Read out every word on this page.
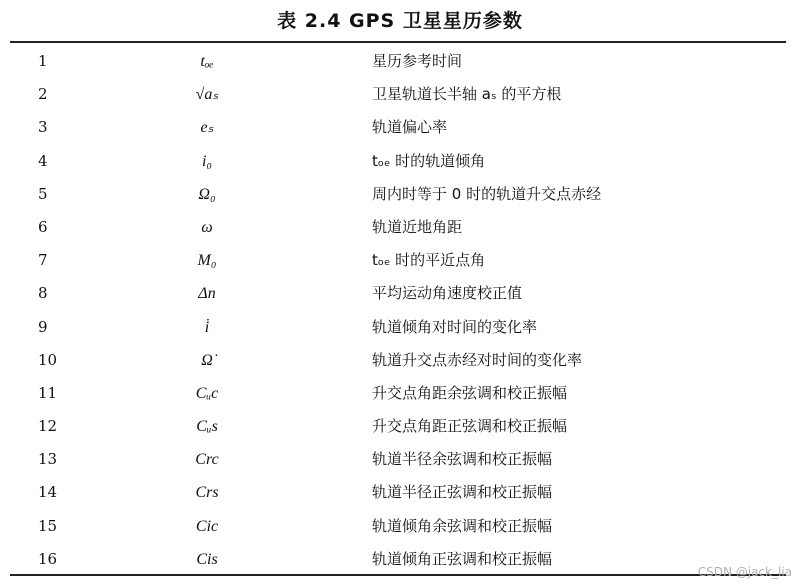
表 2.4 GPS 卫星星历参数
1	tₒₑ	星历参考时间
2	√aₛ	卫星轨道长半轴 aₛ 的平方根
3	eₛ	轨道偏心率
4	i₀	tₒₑ 时的轨道倾角
5	Ω₀	周内时等于 0 时的轨道升交点赤经
6	ω	轨道近地角距
7	M₀	tₒₑ 时的平近点角
8	Δn	平均运动角速度校正值
9	i̇	轨道倾角对时间的变化率
10	Ω̇	轨道升交点赤经对时间的变化率
11	Cᵤc	升交点角距余弦调和校正振幅
12	Cᵤs	升交点角距正弦调和校正振幅
13	Crc	轨道半径余弦调和校正振幅
14	Crs	轨道半径正弦调和校正振幅
15	Cic	轨道倾角余弦调和校正振幅
16	Cis	轨道倾角正弦调和校正振幅
CSDN @jack_lia
